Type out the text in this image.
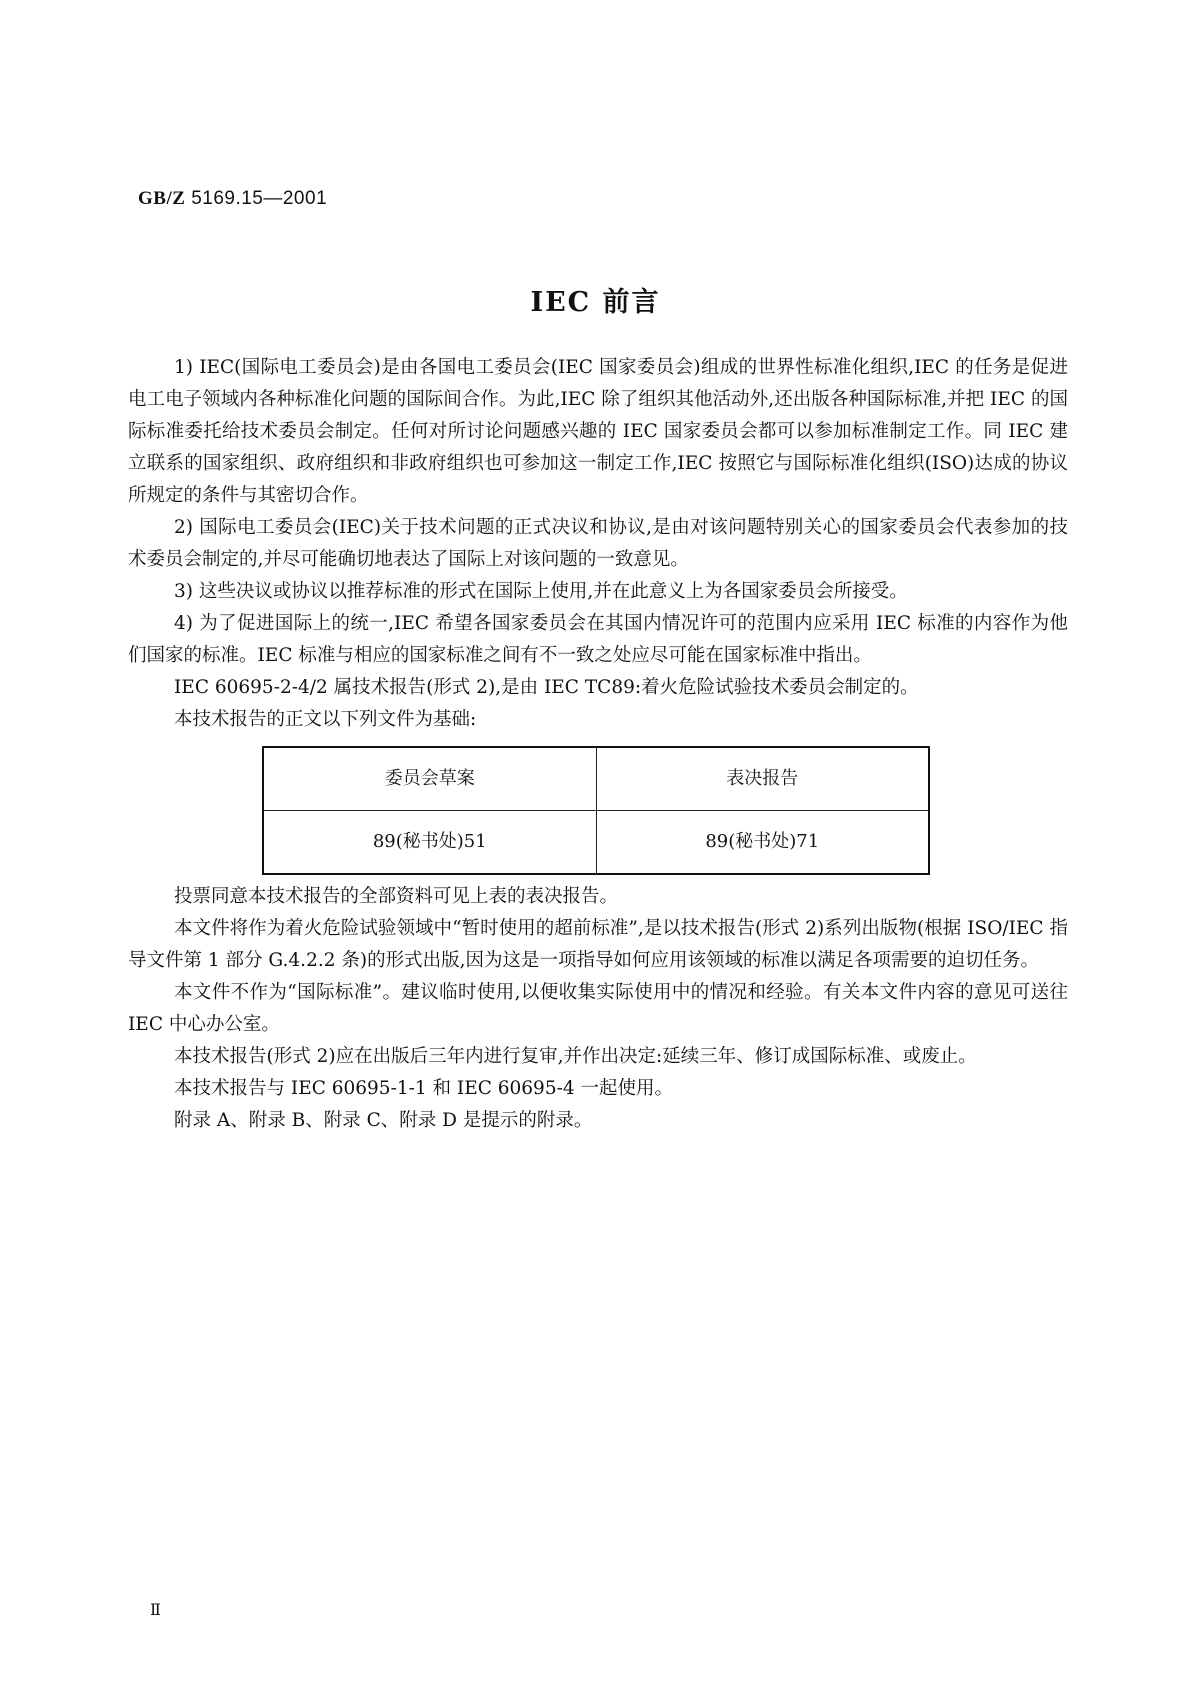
GB/Z 5169.15—2001
IEC 前言

1) IEC(国际电工委员会)是由各国电工委员会(IEC 国家委员会)组成的世界性标准化组织,IEC 的任务是促进电工电子领域内各种标准化问题的国际间合作。为此,IEC 除了组织其他活动外,还出版各种国际标准,并把 IEC 的国际标准委托给技术委员会制定。任何对所讨论问题感兴趣的 IEC 国家委员会都可以参加标准制定工作。同 IEC 建立联系的国家组织、政府组织和非政府组织也可参加这一制定工作,IEC 按照它与国际标准化组织(ISO)达成的协议所规定的条件与其密切合作。

2) 国际电工委员会(IEC)关于技术问题的正式决议和协议,是由对该问题特别关心的国家委员会代表参加的技术委员会制定的,并尽可能确切地表达了国际上对该问题的一致意见。

3) 这些决议或协议以推荐标准的形式在国际上使用,并在此意义上为各国家委员会所接受。

4) 为了促进国际上的统一,IEC 希望各国家委员会在其国内情况许可的范围内应采用 IEC 标准的内容作为他们国家的标准。IEC 标准与相应的国家标准之间有不一致之处应尽可能在国家标准中指出。

IEC 60695-2-4/2 属技术报告(形式 2),是由 IEC TC89:着火危险试验技术委员会制定的。

本技术报告的正文以下列文件为基础:

委员会草案	表决报告
89(秘书处)51	89(秘书处)71

投票同意本技术报告的全部资料可见上表的表决报告。

本文件将作为着火危险试验领域中“暂时使用的超前标准”,是以技术报告(形式 2)系列出版物(根据 ISO/IEC 指导文件第 1 部分 G.4.2.2 条)的形式出版,因为这是一项指导如何应用该领域的标准以满足各项需要的迫切任务。

本文件不作为“国际标准”。建议临时使用,以便收集实际使用中的情况和经验。有关本文件内容的意见可送往 IEC 中心办公室。

本技术报告(形式 2)应在出版后三年内进行复审,并作出决定:延续三年、修订成国际标准、或废止。

本技术报告与 IEC 60695-1-1 和 IEC 60695-4 一起使用。

附录 A、附录 B、附录 C、附录 D 是提示的附录。

Ⅱ
